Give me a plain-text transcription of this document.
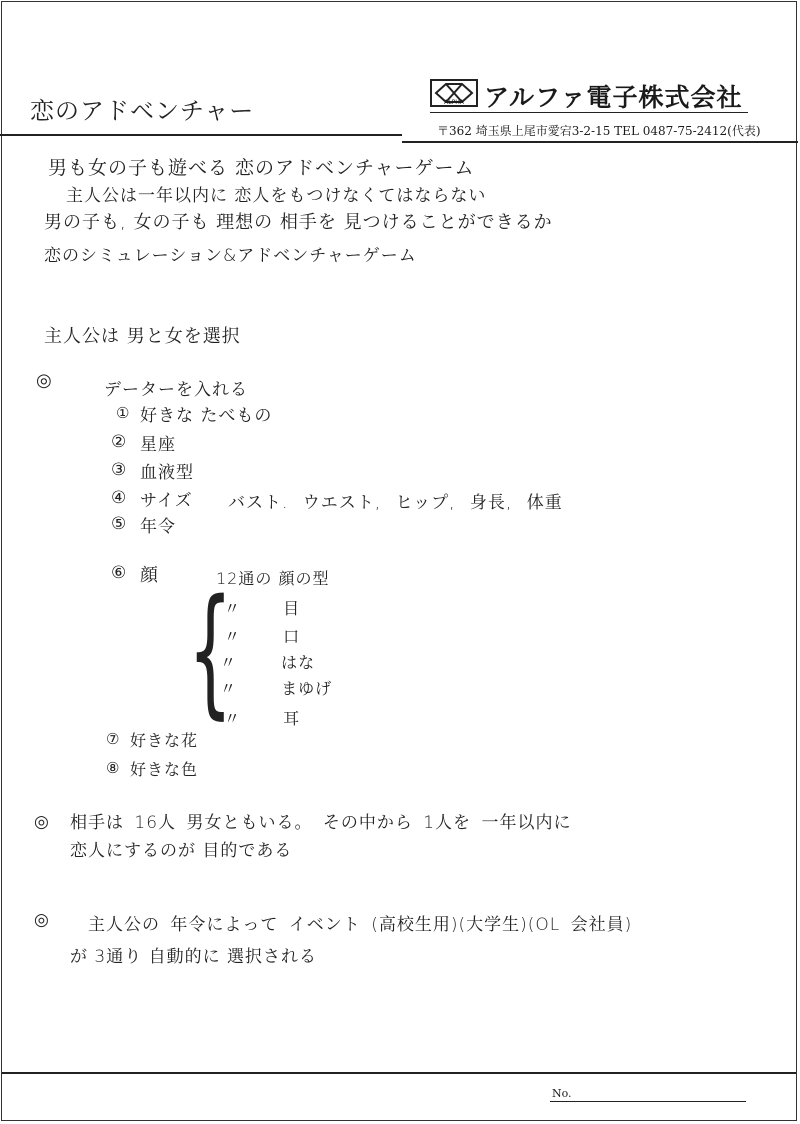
恋のアドベンチャー	ALPHA アルファ電子株式会社
〒362 埼玉県上尾市愛宕3-2-15 TEL 0487-75-2412(代表)
男も女の子も遊べる 恋のアドベンチャーゲーム
主人公は一年以内に 恋人をもつけなくてはならない
男の子も, 女の子も 理想の 相手を 見つけることができるか
恋のシミュレーション&アドベンチャーゲーム
主人公は 男と女を選択
◎	データーを入れる
① 好きな たべもの
② 星座
③ 血液型
④ サイズ バスト. ウエスト, ヒップ, 身長, 体重
⑤ 年令
⑥ 顔 {
12通の 顔の型
〃 目
〃 口
〃 はな
〃 まゆげ
〃 耳
⑦ 好きな花
⑧ 好きな色
◎ 相手は 16人 男女ともいる。 その中から 1人を 一年以内に
恋人にするのが 目的である
◎ 主人公の 年令によって イベント (高校生用)(大学生)(OL 会社員)
が 3通り 自動的に 選択される
No.
